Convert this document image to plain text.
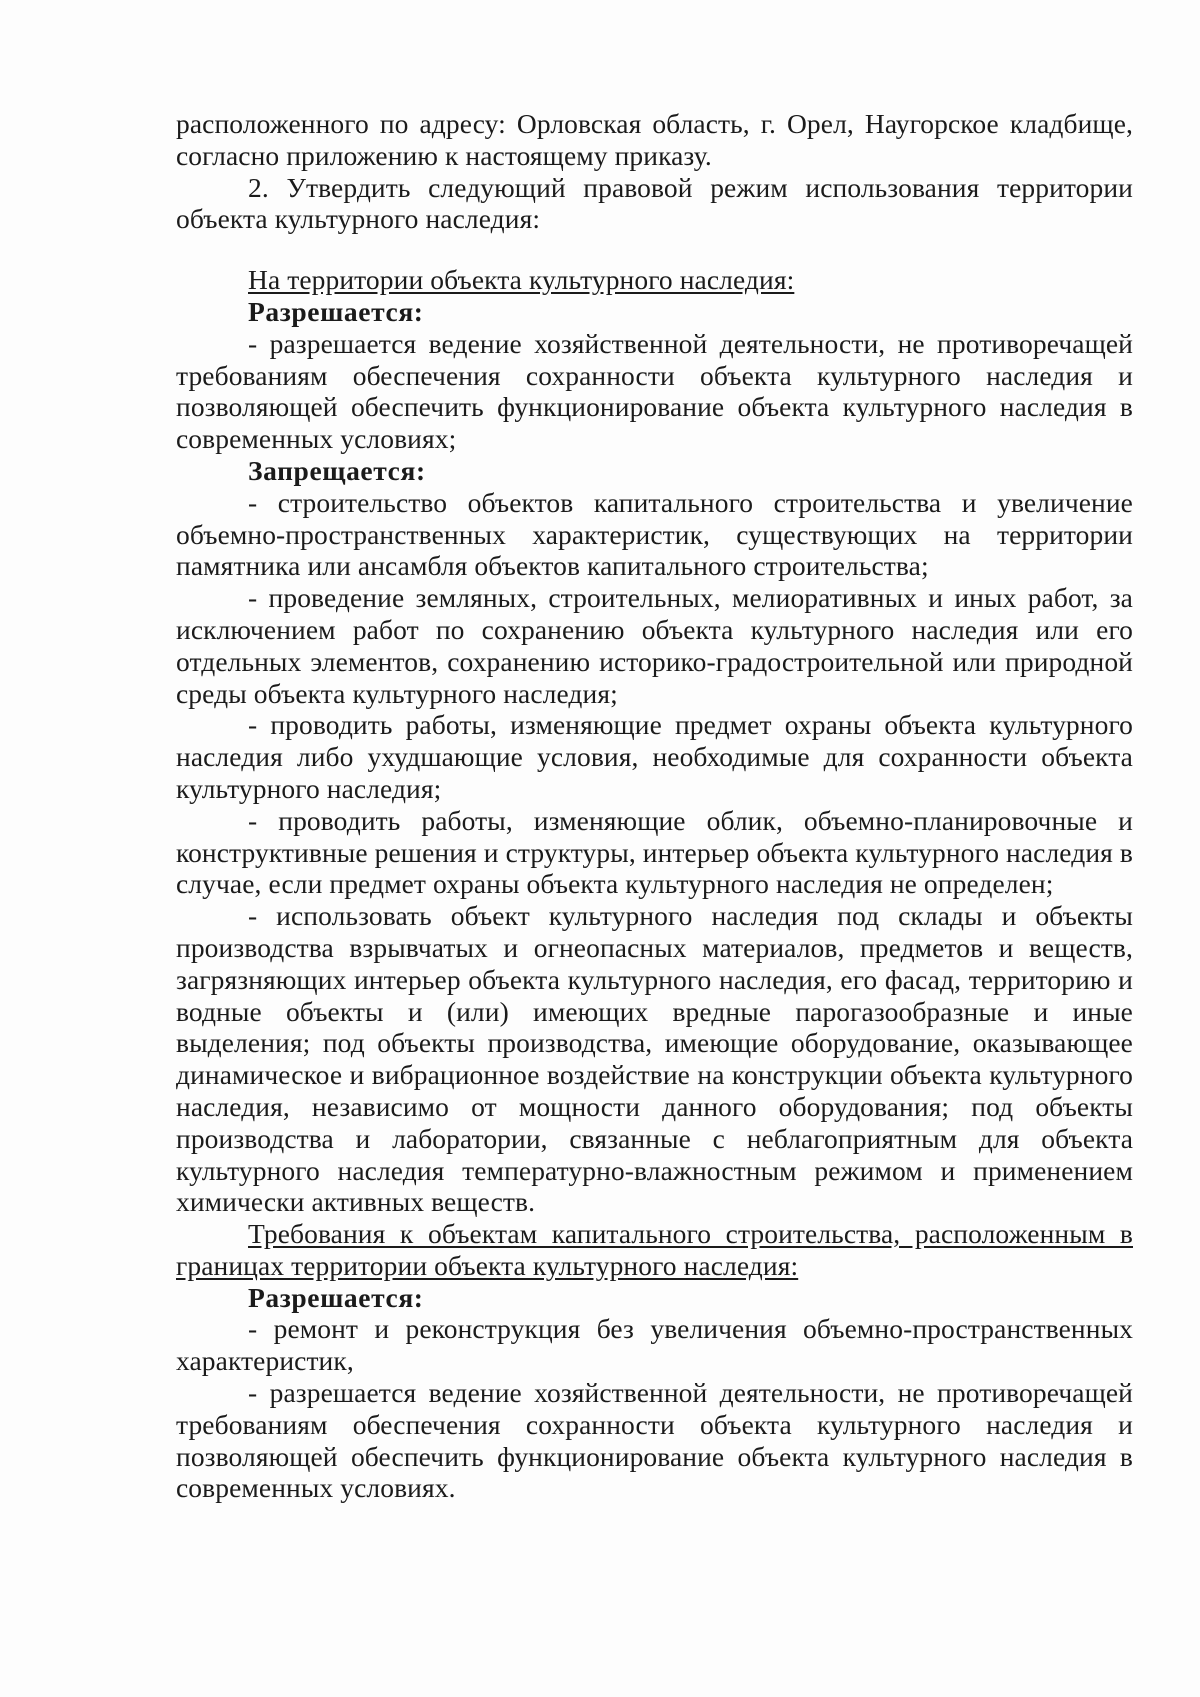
расположенного по адресу: Орловская область, г. Орел, Наугорское кладбище, согласно приложению к настоящему приказу.

2. Утвердить следующий правовой режим использования территории объекта культурного наследия:

На территории объекта культурного наследия:

Разрешается:

- разрешается ведение хозяйственной деятельности, не противоречащей требованиям обеспечения сохранности объекта культурного наследия и позволяющей обеспечить функционирование объекта культурного наследия в современных условиях;

Запрещается:

- строительство объектов капитального строительства и увеличение объемно-пространственных характеристик, существующих на территории памятника или ансамбля объектов капитального строительства;

- проведение земляных, строительных, мелиоративных и иных работ, за исключением работ по сохранению объекта культурного наследия или его отдельных элементов, сохранению историко-градостроительной или природной среды объекта культурного наследия;

- проводить работы, изменяющие предмет охраны объекта культурного наследия либо ухудшающие условия, необходимые для сохранности объекта культурного наследия;

- проводить работы, изменяющие облик, объемно-планировочные и конструктивные решения и структуры, интерьер объекта культурного наследия в случае, если предмет охраны объекта культурного наследия не определен;

- использовать объект культурного наследия под склады и объекты производства взрывчатых и огнеопасных материалов, предметов и веществ, загрязняющих интерьер объекта культурного наследия, его фасад, территорию и водные объекты и (или) имеющих вредные парогазообразные и иные выделения; под объекты производства, имеющие оборудование, оказывающее динамическое и вибрационное воздействие на конструкции объекта культурного наследия, независимо от мощности данного оборудования; под объекты производства и лаборатории, связанные с неблагоприятным для объекта культурного наследия температурно-влажностным режимом и применением химически активных веществ.

Требования к объектам капитального строительства, расположенным в границах территории объекта культурного наследия:

Разрешается:

- ремонт и реконструкция без увеличения объемно-пространственных характеристик,

- разрешается ведение хозяйственной деятельности, не противоречащей требованиям обеспечения сохранности объекта культурного наследия и позволяющей обеспечить функционирование объекта культурного наследия в современных условиях.
